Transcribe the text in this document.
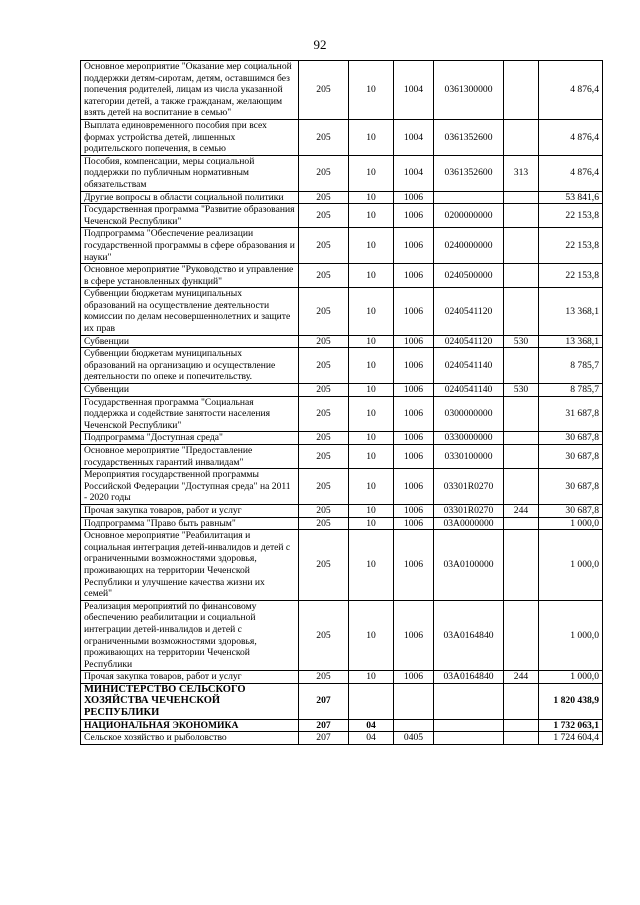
92
Основное мероприятие "Оказание мер социальной поддержки детям-сиротам, детям, оставшимся без попечения родителей, лицам из числа указанной категории детей, а также гражданам, желающим взять детей на воспитание в семью"	205	10	1004	0361300000		4 876,4
Выплата единовременного пособия при всех формах устройства детей, лишенных родительского попечения, в семью	205	10	1004	0361352600		4 876,4
Пособия, компенсации, меры социальной поддержки по публичным нормативным обязательствам	205	10	1004	0361352600	313	4 876,4
Другие вопросы в области социальной политики	205	10	1006			53 841,6
Государственная программа "Развитие образования Чеченской Республики"	205	10	1006	0200000000		22 153,8
Подпрограмма "Обеспечение реализации государственной программы в сфере образования и науки"	205	10	1006	0240000000		22 153,8
Основное мероприятие "Руководство и управление в сфере установленных функций"	205	10	1006	0240500000		22 153,8
Субвенции бюджетам муниципальных образований на осуществление деятельности комиссии по делам несовершеннолетних и защите их прав	205	10	1006	0240541120		13 368,1
Субвенции	205	10	1006	0240541120	530	13 368,1
Субвенции бюджетам муниципальных образований на организацию и осуществление деятельности по опеке и попечительству.	205	10	1006	0240541140		8 785,7
Субвенции	205	10	1006	0240541140	530	8 785,7
Государственная программа "Социальная поддержка и содействие занятости населения Чеченской Республики"	205	10	1006	0300000000		31 687,8
Подпрограмма "Доступная среда"	205	10	1006	0330000000		30 687,8
Основное мероприятие "Предоставление государственных гарантий инвалидам"	205	10	1006	0330100000		30 687,8
Мероприятия государственной программы Российской Федерации "Доступная среда" на 2011 - 2020 годы	205	10	1006	03301R0270		30 687,8
Прочая закупка товаров, работ и услуг	205	10	1006	03301R0270	244	30 687,8
Подпрограмма "Право быть равным"	205	10	1006	03А0000000		1 000,0
Основное мероприятие "Реабилитация и социальная интеграция детей-инвалидов и детей с ограниченными возможностями здоровья, проживающих на территории Чеченской Республики и улучшение качества жизни их семей"	205	10	1006	03А0100000		1 000,0
Реализация мероприятий по финансовому обеспечению реабилитации и социальной интеграции детей-инвалидов и детей с ограниченными возможностями здоровья, проживающих на территории Чеченской Республики	205	10	1006	03А0164840		1 000,0
Прочая закупка товаров, работ и услуг	205	10	1006	03А0164840	244	1 000,0
МИНИСТЕРСТВО СЕЛЬСКОГО ХОЗЯЙСТВА ЧЕЧЕНСКОЙ РЕСПУБЛИКИ	207					1 820 438,9
НАЦИОНАЛЬНАЯ ЭКОНОМИКА	207	04				1 732 063,1
Сельское хозяйство и рыболовство	207	04	0405			1 724 604,4
